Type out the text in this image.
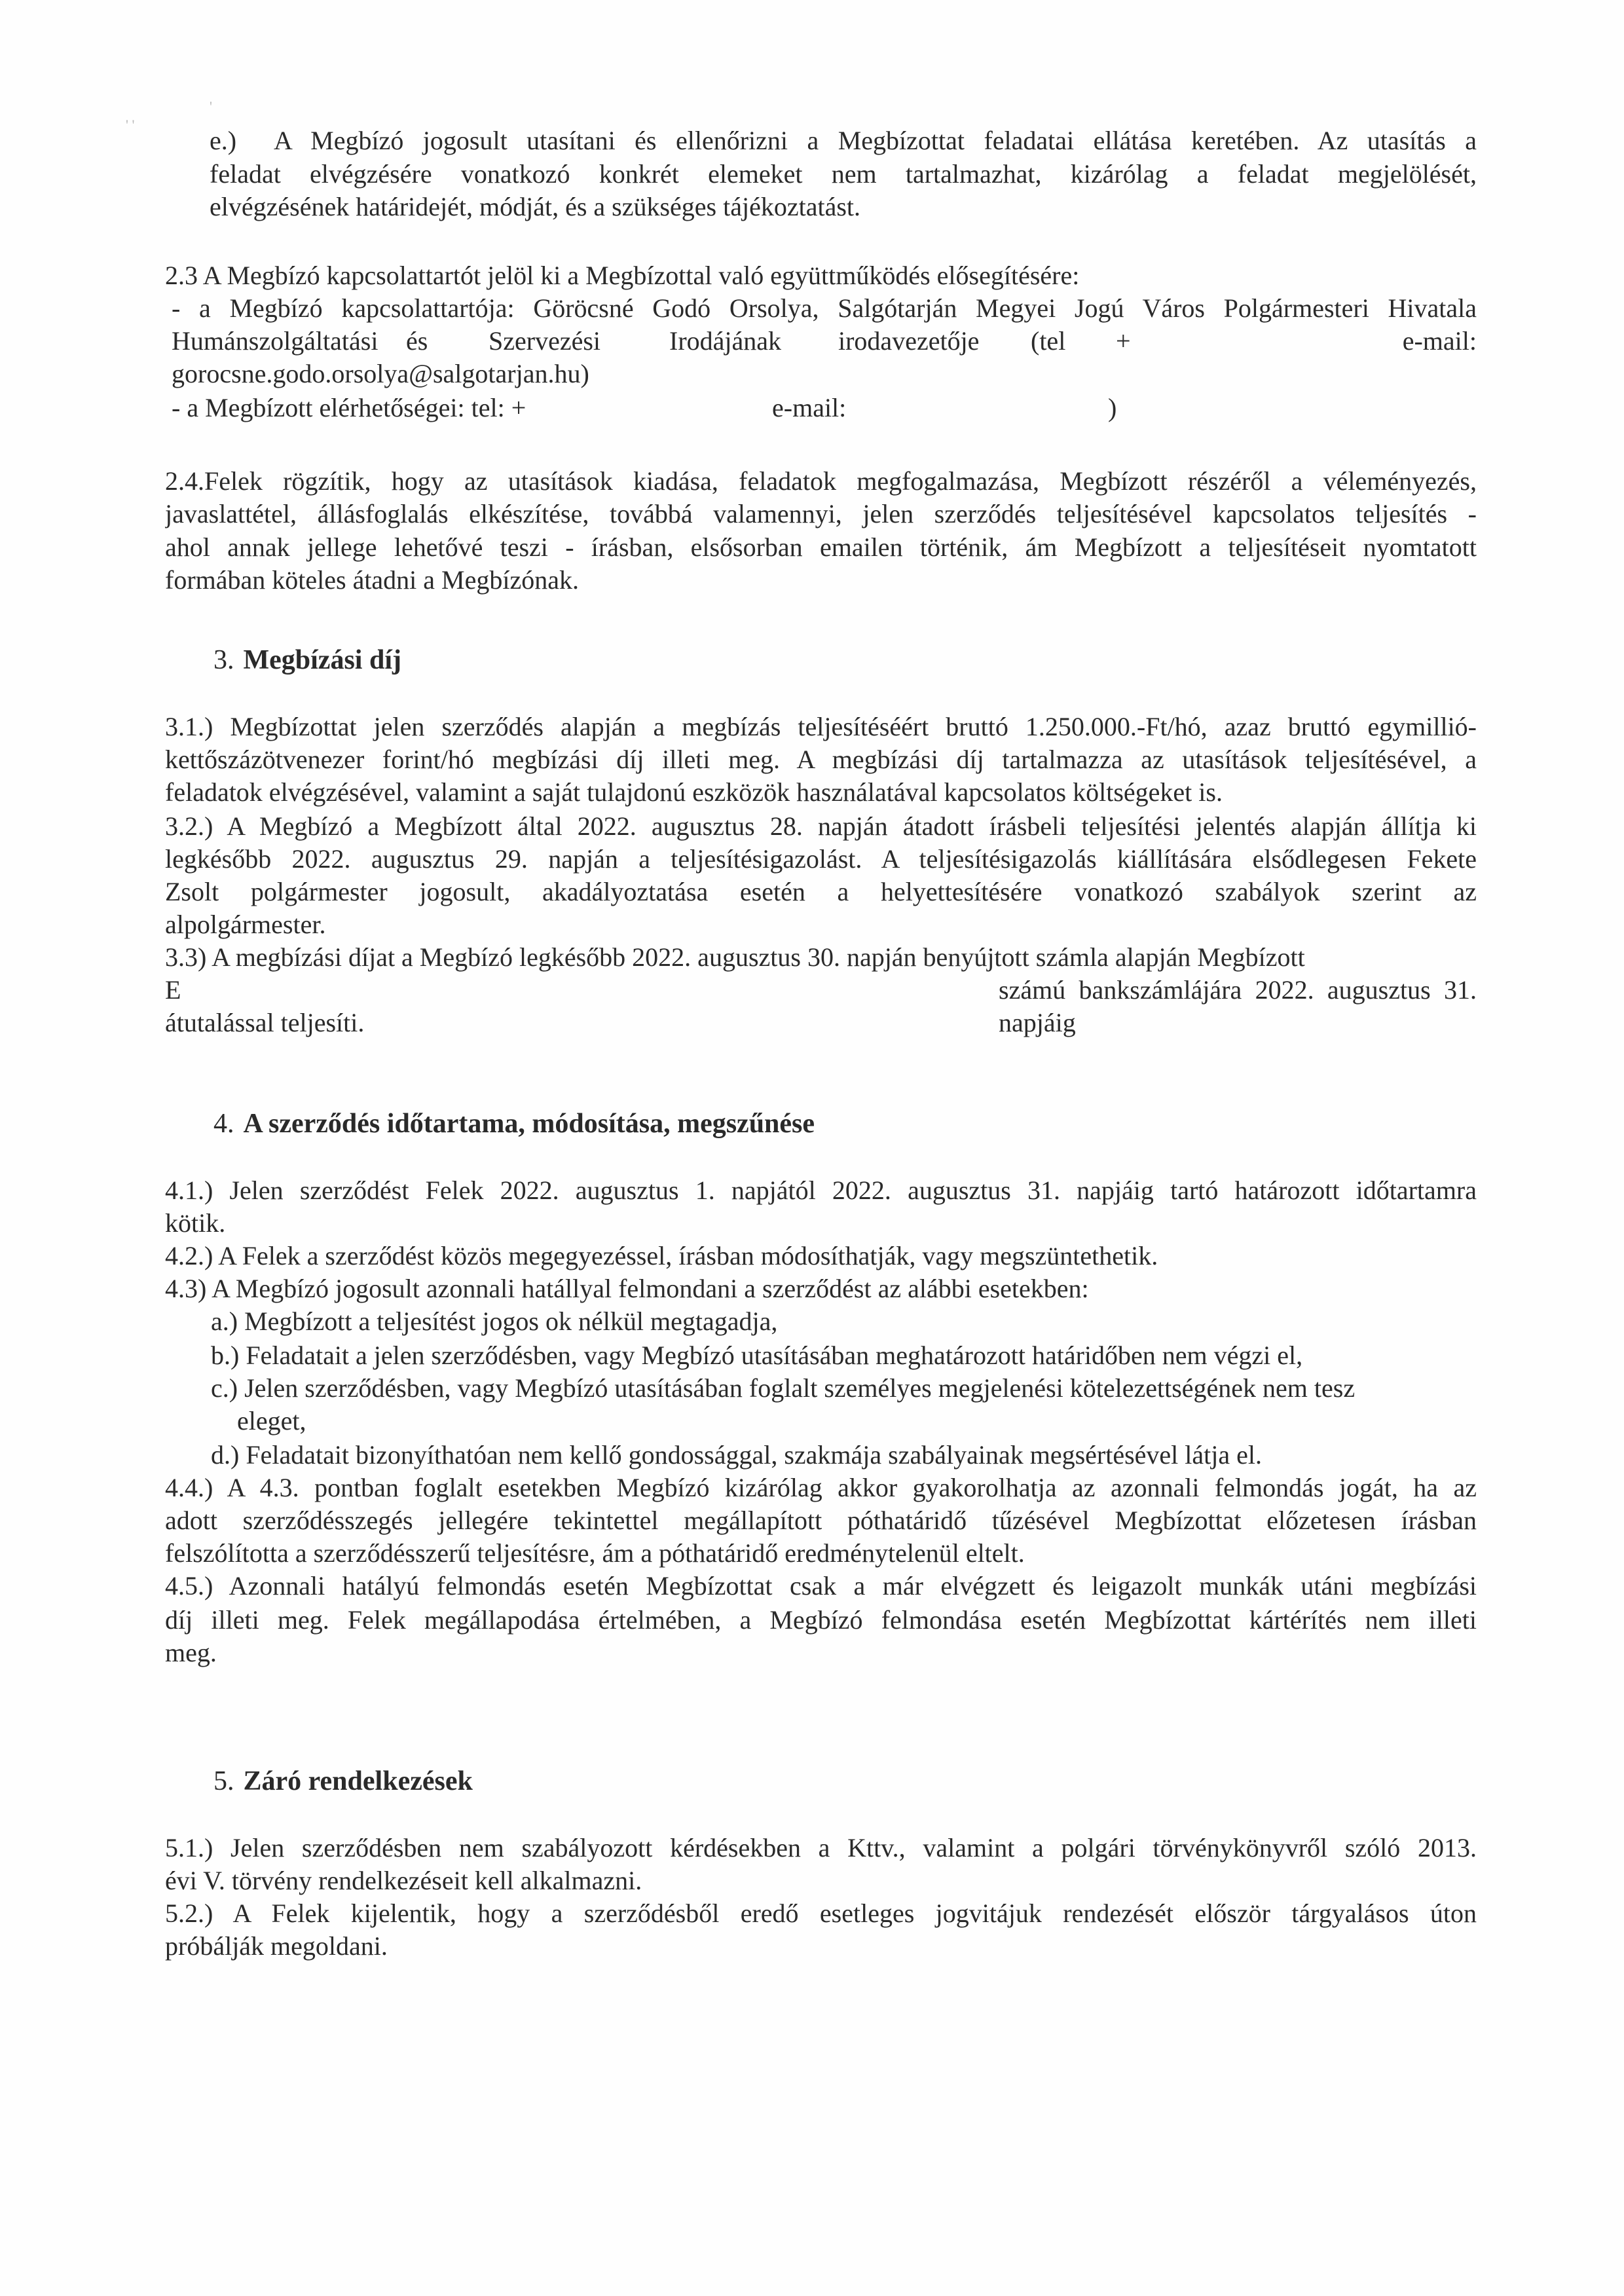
' '
'
e.) A Megbízó jogosult utasítani és ellenőrizni a Megbízottat feladatai ellátása keretében. Az utasítás a
feladat elvégzésére vonatkozó konkrét elemeket nem tartalmazhat, kizárólag a feladat megjelölését,
elvégzésének határidejét, módját, és a szükséges tájékoztatást.
2.3 A Megbízó kapcsolattartót jelöl ki a Megbízottal való együttműködés elősegítésére:
- a Megbízó kapcsolattartója: Göröcsné Godó Orsolya, Salgótarján Megyei Jogú Város Polgármesteri Hivatala
Humánszolgáltatási és Szervezési	Irodájának irodavezetője (tel +	e-mail:
gorocsne.godo.orsolya@salgotarjan.hu)
- a Megbízott elérhetőségei: tel: +	e-mail:	)
2.4.Felek rögzítik, hogy az utasítások kiadása, feladatok megfogalmazása, Megbízott részéről a véleményezés,
javaslattétel, állásfoglalás elkészítése, továbbá valamennyi, jelen szerződés teljesítésével kapcsolatos teljesítés -
ahol annak jellege lehetővé teszi - írásban, elsősorban emailen történik, ám Megbízott a teljesítéseit nyomtatott
formában köteles átadni a Megbízónak.
3. Megbízási díj
3.1.) Megbízottat jelen szerződés alapján a megbízás teljesítéséért bruttó 1.250.000.-Ft/hó, azaz bruttó egymillió-
kettőszázötvenezer forint/hó megbízási díj illeti meg. A megbízási díj tartalmazza az utasítások teljesítésével, a
feladatok elvégzésével, valamint a saját tulajdonú eszközök használatával kapcsolatos költségeket is.
3.2.) A Megbízó a Megbízott által 2022. augusztus 28. napján átadott írásbeli teljesítési jelentés alapján állítja ki
legkésőbb 2022. augusztus 29. napján a teljesítésigazolást. A teljesítésigazolás kiállítására elsődlegesen Fekete
Zsolt polgármester jogosult, akadályoztatása esetén a helyettesítésére vonatkozó szabályok szerint az
alpolgármester.
3.3) A megbízási díjat a Megbízó legkésőbb 2022. augusztus 30. napján benyújtott számla alapján Megbízott
E	számú bankszámlájára 2022. augusztus 31. napjáig
átutalással teljesíti.
4. A szerződés időtartama, módosítása, megszűnése
4.1.) Jelen szerződést Felek 2022. augusztus 1. napjától 2022. augusztus 31. napjáig tartó határozott időtartamra
kötik.
4.2.) A Felek a szerződést közös megegyezéssel, írásban módosíthatják, vagy megszüntethetik.
4.3) A Megbízó jogosult azonnali hatállyal felmondani a szerződést az alábbi esetekben:
a.) Megbízott a teljesítést jogos ok nélkül megtagadja,
b.) Feladatait a jelen szerződésben, vagy Megbízó utasításában meghatározott határidőben nem végzi el,
c.) Jelen szerződésben, vagy Megbízó utasításában foglalt személyes megjelenési kötelezettségének nem tesz
eleget,
d.) Feladatait bizonyíthatóan nem kellő gondossággal, szakmája szabályainak megsértésével látja el.
4.4.) A 4.3. pontban foglalt esetekben Megbízó kizárólag akkor gyakorolhatja az azonnali felmondás jogát, ha az
adott szerződésszegés jellegére tekintettel megállapított póthatáridő tűzésével Megbízottat előzetesen írásban
felszólította a szerződésszerű teljesítésre, ám a póthatáridő eredménytelenül eltelt.
4.5.) Azonnali hatályú felmondás esetén Megbízottat csak a már elvégzett és leigazolt munkák utáni megbízási
díj illeti meg. Felek megállapodása értelmében, a Megbízó felmondása esetén Megbízottat kártérítés nem illeti
meg.
5. Záró rendelkezések
5.1.) Jelen szerződésben nem szabályozott kérdésekben a Kttv., valamint a polgári törvénykönyvről szóló 2013.
évi V. törvény rendelkezéseit kell alkalmazni.
5.2.) A Felek kijelentik, hogy a szerződésből eredő esetleges jogvitájuk rendezését először tárgyalásos úton
próbálják megoldani.
